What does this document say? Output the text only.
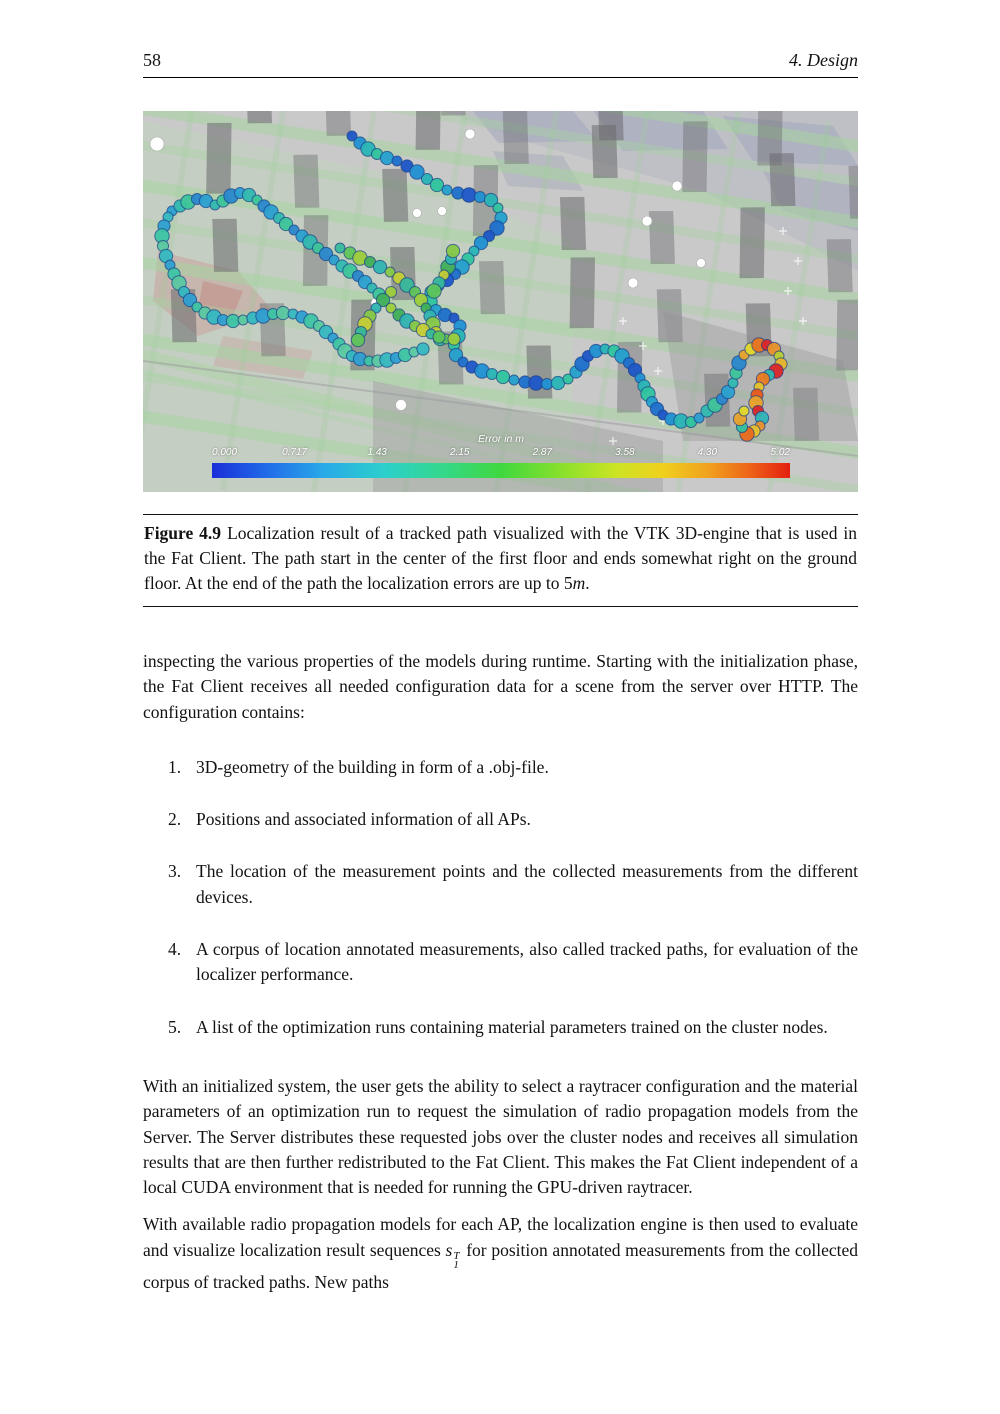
58	4. Design
Error in m
0.000	0.717	1.43	2.15	2.87	3.58	4.30	5.02
Figure 4.9 Localization result of a tracked path visualized with the VTK 3D-engine that is used in the Fat Client. The path start in the center of the first floor and ends somewhat right on the ground floor. At the end of the path the localization errors are up to 5m.

inspecting the various properties of the models during runtime. Starting with the initialization phase, the Fat Client receives all needed configuration data for a scene from the server over HTTP. The configuration contains:

1. 3D-geometry of the building in form of a .obj-file.
2. Positions and associated information of all APs.
3. The location of the measurement points and the collected measurements from the different devices.
4. A corpus of location annotated measurements, also called tracked paths, for evaluation of the localizer performance.
5. A list of the optimization runs containing material parameters trained on the cluster nodes.

With an initialized system, the user gets the ability to select a raytracer configuration and the material parameters of an optimization run to request the simulation of radio propagation models from the Server. The Server distributes these requested jobs over the cluster nodes and receives all simulation results that are then further redistributed to the Fat Client. This makes the Fat Client independent of a local CUDA environment that is needed for running the GPU-driven raytracer.

With available radio propagation models for each AP, the localization engine is then used to evaluate and visualize localization result sequences s T
1
for position annotated measurements from the collected corpus of tracked paths. New paths
